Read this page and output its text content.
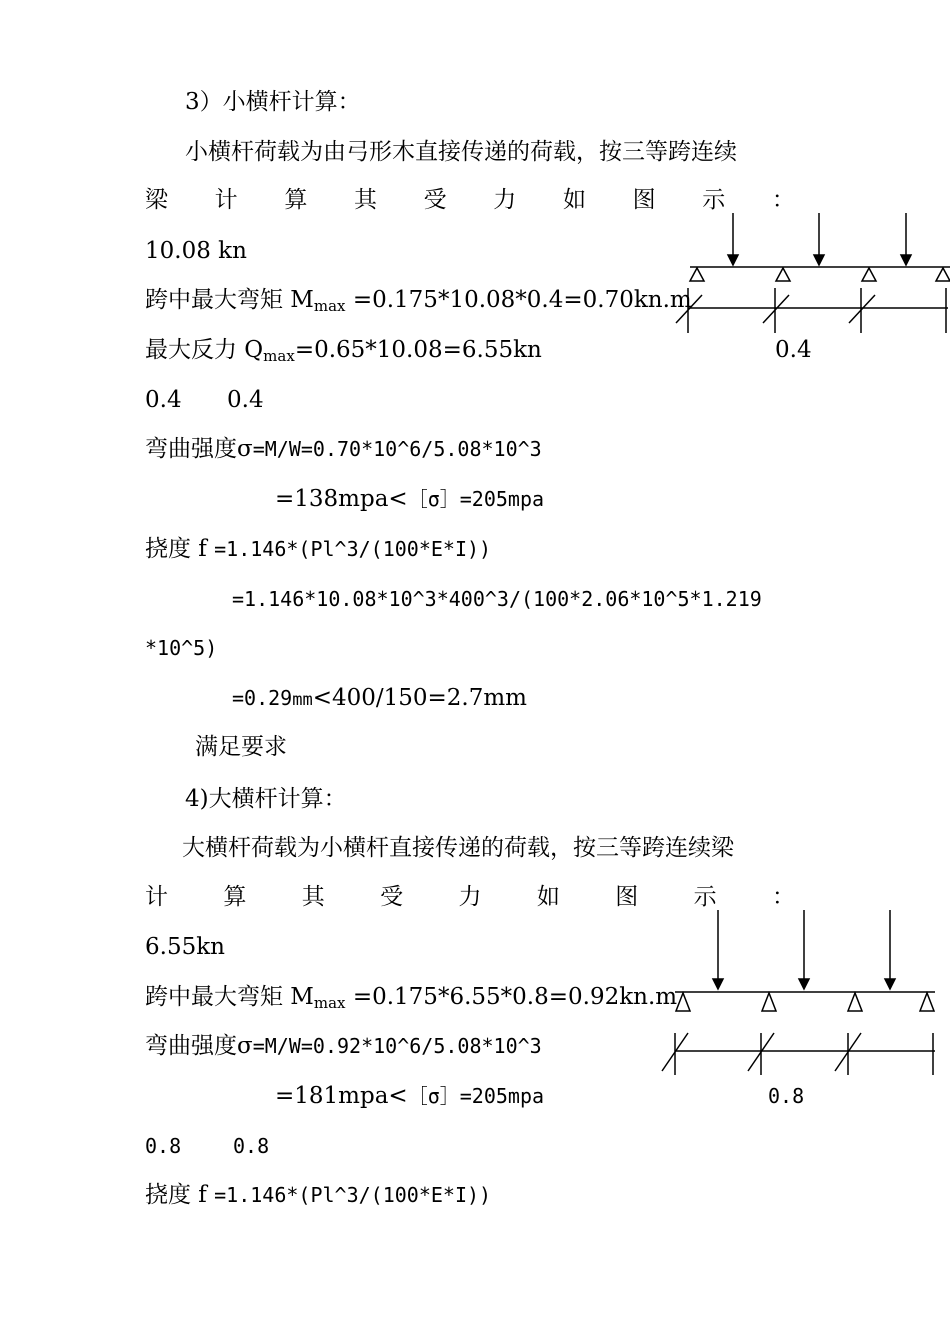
3）小横杆计算：
小横杆荷载为由弓形木直接传递的荷载，按三等跨连续
梁 计 算 其 受 力 如 图 示 ：
10.08 kn
跨中最大弯矩 $M_{max} =0.175*10.08*0.4=0.70kn.m$
最大反力 $Q_{max}=0.65*10.08=6.55kn$	0.4
0.4 0.4
弯曲强度σ=M/W=0.70*10^6/5.08*10^3
=138mpa<［σ］=205mpa
挠度 f =1.146*(Pl^3/(100*E*I))
=1.146*10.08*10^3*400^3/(100*2.06*10^5*1.219
*10^5)
=0.29mm<400/150=2.7mm
满足要求
4)大横杆计算：
大横杆荷载为小横杆直接传递的荷载，按三等跨连续梁
计 算 其 受 力 如 图 示 ：
6.55kn
跨中最大弯矩 $M_{max} =0.175*6.55*0.8=0.92kn.m$
弯曲强度σ=M/W=0.92*10^6/5.08*10^3
=181mpa<［σ］=205mpa	0.8
0.8	0.8
挠度 f =1.146*(Pl^3/(100*E*I))
